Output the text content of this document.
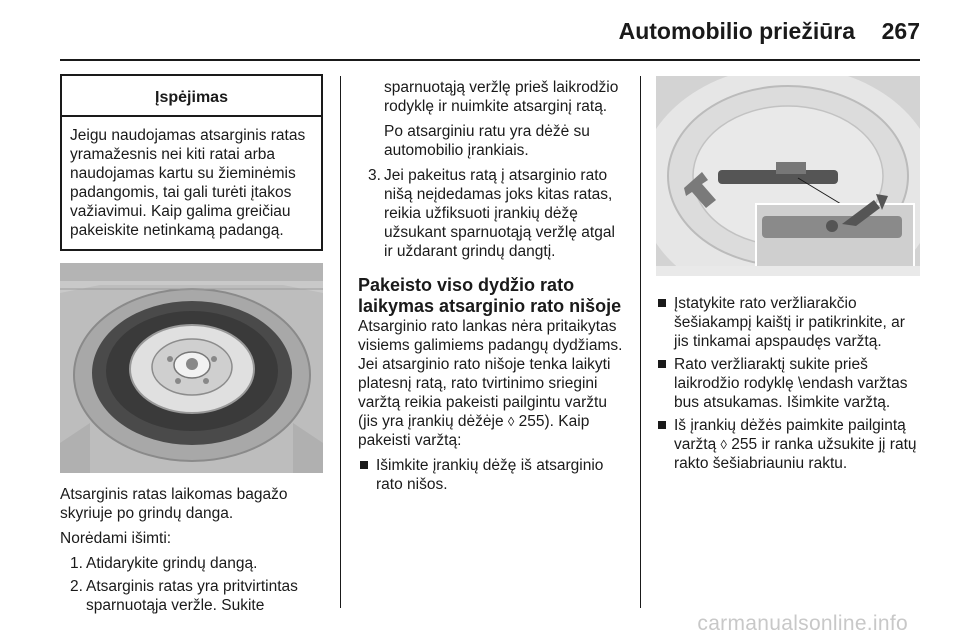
Automobilio priežiūra 267
Įspėjimas
Jeigu naudojamas atsarginis ratas yramažesnis nei kiti ratai arba naudojamas kartu su žieminėmis padangomis, tai gali turėti įtakos važiavimui. Kaip galima greičiau pakeiskite netinkamą padangą.

Atsarginis ratas laikomas bagažo skyriuje po grindų danga.

Norėdami išimti:

1. Atidarykite grindų dangą.
2. Atsarginis ratas yra pritvirtintas sparnuotąja veržle. Sukite
sparnuotąją veržlę prieš laikrodžio rodyklę ir nuimkite atsarginį ratą.
Po atsarginiu ratu yra dėžė su automobilio įrankiais.
3. Jei pakeitus ratą į atsarginio rato nišą neįdedamas joks kitas ratas, reikia užfiksuoti įrankių dėžę užsukant sparnuotąją veržlę atgal ir uždarant grindų dangtį.
Pakeisto viso dydžio rato laikymas atsarginio rato nišoje

Atsarginio rato lankas nėra pritaikytas visiems galimiems padangų dydžiams. Jei atsarginio rato nišoje tenka laikyti platesnį ratą, rato tvirtinimo sriegini varžtą reikia pakeisti pailgintu varžtu (jis yra įrankių dėžėje ◊ 255). Kaip pakeisti varžtą:

Išimkite įrankių dėžę iš atsarginio rato nišos.
Įstatykite rato veržliarakčio šešiakampį kaištį ir patikrinkite, ar jis tinkamai apspaudęs varžtą.
Rato veržliaraktį sukite prieš laikrodžio rodyklę \endash varžtas bus atsukamas. Išimkite varžtą.
Iš įrankių dėžės paimkite pailgintą varžtą ◊ 255 ir ranka užsukite jį ratų rakto šešiabriauniu raktu.
carmanualsonline.info
